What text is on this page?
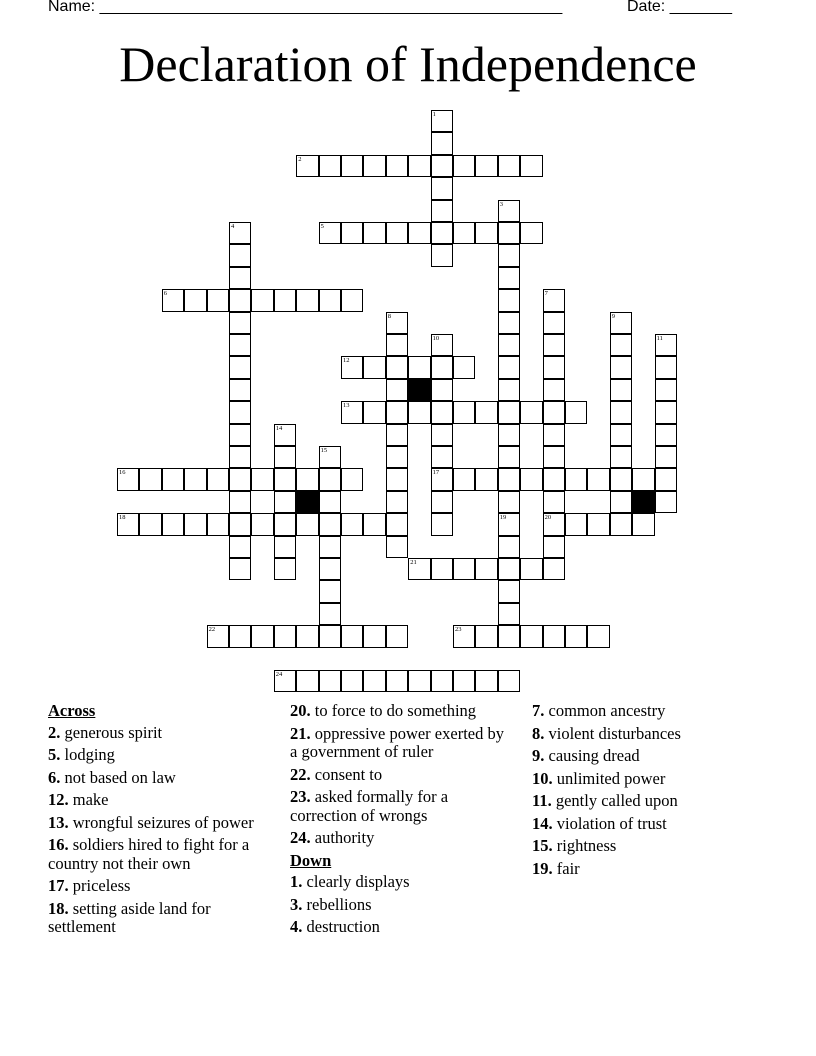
Name: ____________________________________________________	Date: _______
Declaration of Independence
1
2
3
19
4	5
6	7
20
8	9
10
17
11
12
13
14
15
16
18
21
22	23
24
Across
2. generous spirit
5. lodging
6. not based on law
12. make
13. wrongful seizures of power
16. soldiers hired to fight for a country not their own
17. priceless
18. setting aside land for settlement
20. to force to do something
21. oppressive power exerted by a government of ruler
22. consent to
23. asked formally for a correction of wrongs
24. authority
Down
1. clearly displays
3. rebellions
4. destruction
7. common ancestry
8. violent disturbances
9. causing dread
10. unlimited power
11. gently called upon
14. violation of trust
15. rightness
19. fair
